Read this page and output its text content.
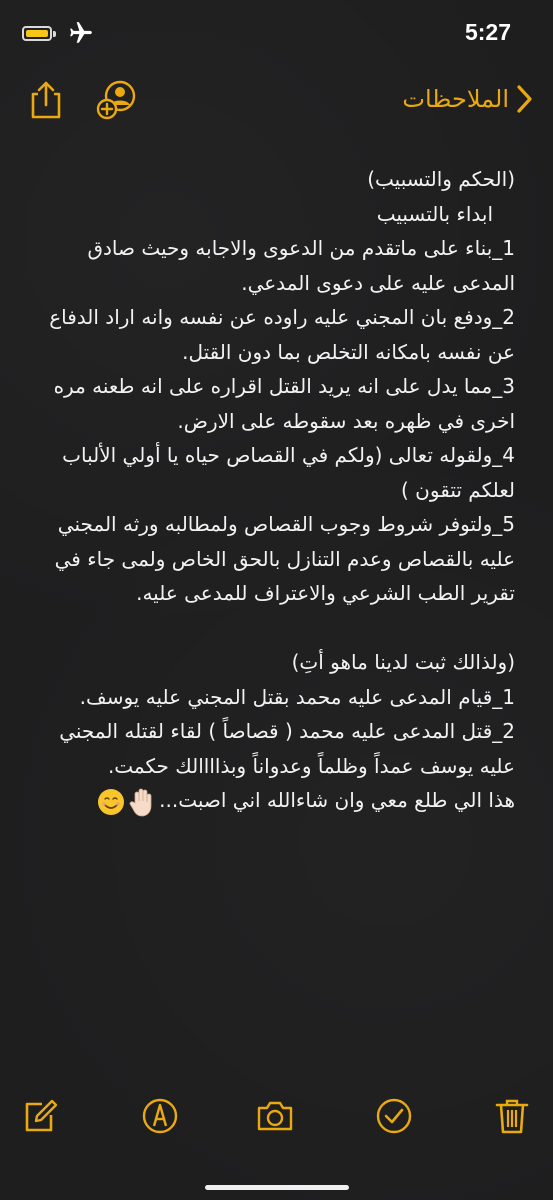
5:27
الملاحظات

(الحكم والتسبيب)

ابداء بالتسبيب

1_بناء على ماتقدم من الدعوى والاجابه وحيث صادق المدعى عليه على دعوى المدعي.

2_ودفع بان المجني عليه راوده عن نفسه وانه اراد الدفاع عن نفسه بامكانه التخلص بما دون القتل.

3_مما يدل على انه يريد القتل اقراره على انه طعنه مره اخرى في ظهره بعد سقوطه على الارض.

4_ولقوله تعالى (ولكم في القصاص حياه يا أولي الألباب لعلكم تتقون )

5_ولتوفر شروط وجوب القصاص ولمطالبه ورثه المجني عليه بالقصاص وعدم التنازل بالحق الخاص ولمى جاء في تقرير الطب الشرعي والاعتراف للمدعى عليه.

(ولذالك ثبت لدينا ماهو أتِ)

1_قيام المدعى عليه محمد بقتل المجني عليه يوسف.

2_قتل المدعى عليه محمد ( قصاصاً ) لقاء لقتله المجني عليه يوسف عمداً وظلماً وعدواناً وبذاااالك حكمت.

هذا الي طلع معي وان شاءالله اني اصبت...
